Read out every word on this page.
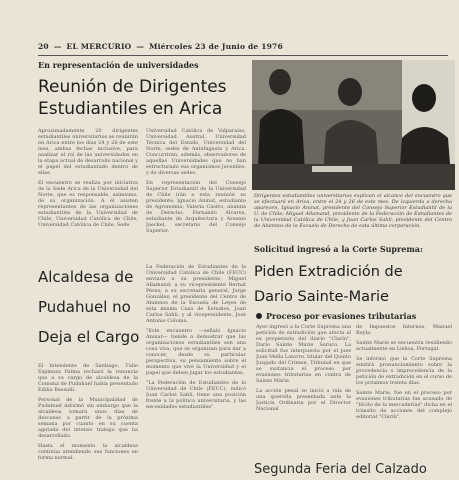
20 — EL MERCURIO — Miércoles 23 de Junio de 1976
En representación de universidades
Reunión de Dirigentes
Estudiantiles en Arica

Aproximadamente 20 dirigentes estudiantiles universitarios se reunirán en Arica entre los días 24 y 26 de este mes, ambas fechas inclusive, para analizar el rol de las universidades en la etapa actual de desarrollo nacional y el papel del estudiantado dentro de ellas.

El encuentro se realiza por iniciativa de la Sede Arica de la Universidad del Norte, que es responsable, asimismo, de su organización. A él asisten representantes de las organizaciones estudiantiles de la Universidad de Chile, Universidad Católica de Chile, Universidad Católica de Chile, Sede

Universidad Católica de Valparaíso, Universidad Austral, Universidad Técnica del Estado, Universidad del Norte, sedes de Antofagasta y Arica. Concurrirán, además, observadores de aquellas Universidades que no han estructurado sus organismos juveniles, y de diversas sedes.

En representación del Consejo Superior Estudiantil de la Universidad de Chile irán a esta reunión su presidente, Ignacio Aninat, estudiante de Agronomía; Valeria Castro, alumna de Derecho; Fernando Alvarez, estudiante de Arquitectura y Arsenio Jaeckel, secretario del Consejo Superior.

La Federación de Estudiantes de la Universidad Católica de Chile (FEUC) enviará a su presidente, Miguel Allamand; a su vicepresidente Bernat Pérez; a su secretaria general, Jorge González; el presidente del Centro de Alumnos de la Escuela de Leyes de esta misma Casa de Estudios, Juan Carlos Sahli, y al vicepresidente, José Antonio Coloma.

"Este encuentro —señaló Ignacio Aninat— tiende a demostrar que las organizaciones estudiantiles son una cosa viva, que se organizan para dar a conocer, desde su particular perspectiva, su pensamiento sobre el momento que vive la Universidad y el papel que deben jugar los estudiantes.

"La Federación de Estudiantes de la Universidad de Chile (FEUC), indicó Juan Carlos Sahli, tiene una posición frente a la política universitaria, y las necesidades estudiantiles".

Alcaldesa de
Pudahuel no
Deja el Cargo

El Intendente de Santiago, Tulio Espinoza Palma rechazó la renuncia que a su cargo de alcaldesa de la Comuna de Pudahuel había presentado Edilia Bassulli.

Personal de la Municipalidad de Pudahuel informó sin embargo que la alcaldesa tomará unos días de descanso a partir de la próxima semana por cuanto en su cuenta agotada del intenso trabajo que ha desarrollado.

Hasta el momento la alcaldesa continúa atendiendo sus funciones en forma normal.

Dirigentes estudiantiles universitarios explican el alcance del encuentro que se efectuará en Arica, entre el 24 y 26 de este mes. De izquierda a derecha aparecen, Ignacio Aninat, presidente del Consejo Superior Estudiantil de la U. de Chile; Miguel Allamand, presidente de la Federación de Estudiantes de la Universidad Católica de Chile, y Juan Carlos Sahli, presidente del Centro de Alumnos de la Escuela de Derecho de esta última corporación.
Solicitud ingresó a la Corte Suprema:
Piden Extradición de
Dario Sainte-Marie
Proceso por evasiones tributarias

Ayer ingresó a la Corte Suprema una petición de extradición que afecta al ex propietario del diario "Clarín", Darío Sainte Marie Soruco. La solicitud fue interpuesta por el juez Juan Mella Latorre, titular del Quinto Juzgado del Crimen, Tribunal en que se sustancia el proceso por evasiones tributarias en contra de Sainte Marie.

La acción penal se inició a raíz de una querella presentada ante la Justicia Ordinaria por el Director Nacional

de Impuestos Internos, Manuel Boyla.

Sainte Marie se encuentra residiendo actualmente en Lisboa, Portugal.

Se informó que la Corte Suprema emitirá pronunciamiento sobre la procedencia o improcedencia de la petición de extradición en el curso de los próximos treinta días.

Sainte Marie, fue en el proceso por evasiones tributarias fue acusado de "Ilícito de la mercaderías" dicha en el tránsito de acciones del complejo editorial "Clarín".

Segunda Feria del Calzado
